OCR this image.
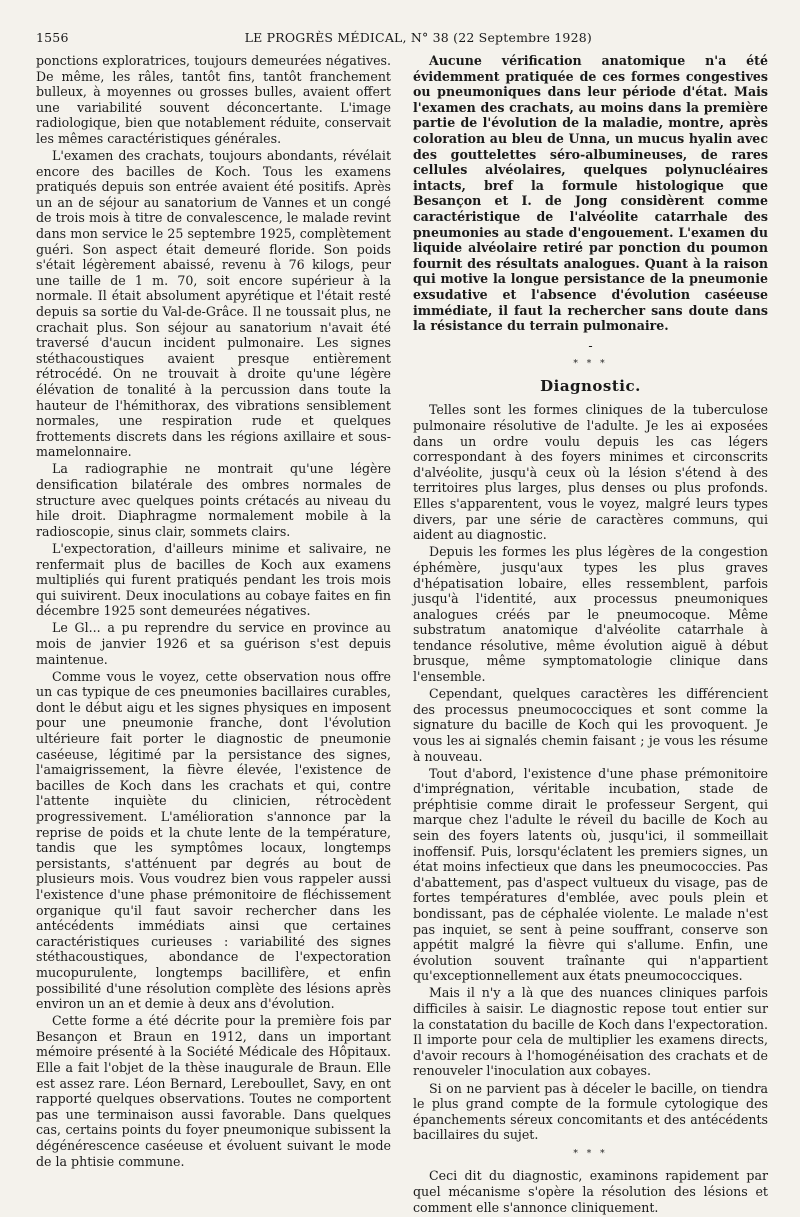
1556	LE PROGRÈS MÉDICAL, N° 38 (22 Septembre 1928)

ponctions exploratrices, toujours demeurées négatives. De même, les râles, tantôt fins, tantôt franchement bulleux, à moyennes ou grosses bulles, avaient offert une variabilité souvent déconcertante. L'image radiologique, bien que notablement réduite, conservait les mêmes caractéristiques générales.

L'examen des crachats, toujours abondants, révélait encore des bacilles de Koch. Tous les examens pratiqués depuis son entrée avaient été positifs. Après un an de séjour au sanatorium de Vannes et un congé de trois mois à titre de convalescence, le malade revint dans mon service le 25 septembre 1925, complètement guéri. Son aspect était demeuré floride. Son poids s'était légèrement abaissé, revenu à 76 kilogs, peur une taille de 1 m. 70, soit encore supérieur à la normale. Il était absolument apyrétique et l'était resté depuis sa sortie du Val-de-Grâce. Il ne toussait plus, ne crachait plus. Son séjour au sanatorium n'avait été traversé d'aucun incident pulmonaire. Les signes stéthacoustiques avaient presque entièrement rétrocédé. On ne trouvait à droite qu'une légère élévation de tonalité à la percussion dans toute la hauteur de l'hémithorax, des vibrations sensiblement normales, une respiration rude et quelques frottements discrets dans les régions axillaire et sous-mamelonnaire.

La radiographie ne montrait qu'une légère densification bilatérale des ombres normales de structure avec quelques points crétacés au niveau du hile droit. Diaphragme normalement mobile à la radioscopie, sinus clair, sommets clairs.

L'expectoration, d'ailleurs minime et salivaire, ne renfermait plus de bacilles de Koch aux examens multipliés qui furent pratiqués pendant les trois mois qui suivirent. Deux inoculations au cobaye faites en fin décembre 1925 sont demeurées négatives.

Le Gl... a pu reprendre du service en province au mois de janvier 1926 et sa guérison s'est depuis maintenue.

Comme vous le voyez, cette observation nous offre un cas typique de ces pneumonies bacillaires curables, dont le début aigu et les signes physiques en imposent pour une pneumonie franche, dont l'évolution ultérieure fait porter le diagnostic de pneumonie caséeuse, légitimé par la persistance des signes, l'amaigrissement, la fièvre élevée, l'existence de bacilles de Koch dans les crachats et qui, contre l'attente inquiète du clinicien, rétrocèdent progressivement. L'amélioration s'annonce par la reprise de poids et la chute lente de la température, tandis que les symptômes locaux, longtemps persistants, s'atténuent par degrés au bout de plusieurs mois. Vous voudrez bien vous rappeler aussi l'existence d'une phase prémonitoire de fléchissement organique qu'il faut savoir rechercher dans les antécédents immédiats ainsi que certaines caractéristiques curieuses : variabilité des signes stéthacoustiques, abondance de l'expectoration mucopurulente, longtemps bacillifère, et enfin possibilité d'une résolution complète des lésions après environ un an et demie à deux ans d'évolution.

Cette forme a été décrite pour la première fois par Besançon et Braun en 1912, dans un important mémoire présenté à la Société Médicale des Hôpitaux. Elle a fait l'objet de la thèse inaugurale de Braun. Elle est assez rare. Léon Bernard, Lereboullet, Savy, en ont rapporté quelques observations. Toutes ne comportent pas une terminaison aussi favorable. Dans quelques cas, certains points du foyer pneumonique subissent la dégénérescence caséeuse et évoluent suivant le mode de la phtisie commune.

Aucune vérification anatomique n'a été évidemment pratiquée de ces formes congestives ou pneumoniques dans leur période d'état. Mais l'examen des crachats, au moins dans la première partie de l'évolution de la maladie, montre, après coloration au bleu de Unna, un mucus hyalin avec des gouttelettes séro-albumineuses, de rares cellules alvéolaires, quelques polynucléaires intacts, bref la formule histologique que Besançon et I. de Jong considèrent comme caractéristique de l'alvéolite catarrhale des pneumonies au stade d'engouement. L'examen du liquide alvéolaire retiré par ponction du poumon fournit des résultats analogues. Quant à la raison qui motive la longue persistance de la pneumonie exsudative et l'absence d'évolution caséeuse immédiate, il faut la rechercher sans doute dans la résistance du terrain pulmonaire.

-
* * *
Diagnostic.

Telles sont les formes cliniques de la tuberculose pulmonaire résolutive de l'adulte. Je les ai exposées dans un ordre voulu depuis les cas légers correspondant à des foyers minimes et circonscrits d'alvéolite, jusqu'à ceux où la lésion s'étend à des territoires plus larges, plus denses ou plus profonds. Elles s'apparentent, vous le voyez, malgré leurs types divers, par une série de caractères communs, qui aident au diagnostic.

Depuis les formes les plus légères de la congestion éphémère, jusqu'aux types les plus graves d'hépatisation lobaire, elles ressemblent, parfois jusqu'à l'identité, aux processus pneumoniques analogues créés par le pneumocoque. Même substratum anatomique d'alvéolite catarrhale à tendance résolutive, même évolution aiguë à début brusque, même symptomatologie clinique dans l'ensemble.

Cependant, quelques caractères les différencient des processus pneumococciques et sont comme la signature du bacille de Koch qui les provoquent. Je vous les ai signalés chemin faisant ; je vous les résume à nouveau.

Tout d'abord, l'existence d'une phase prémonitoire d'imprégnation, véritable incubation, stade de préphtisie comme dirait le professeur Sergent, qui marque chez l'adulte le réveil du bacille de Koch au sein des foyers latents où, jusqu'ici, il sommeillait inoffensif. Puis, lorsqu'éclatent les premiers signes, un état moins infectieux que dans les pneumococcies. Pas d'abattement, pas d'aspect vultueux du visage, pas de fortes températures d'emblée, avec pouls plein et bondissant, pas de céphalée violente. Le malade n'est pas inquiet, se sent à peine souffrant, conserve son appétit malgré la fièvre qui s'allume. Enfin, une évolution souvent traînante qui n'appartient qu'exceptionnellement aux états pneumococciques.

Mais il n'y a là que des nuances cliniques parfois difficiles à saisir. Le diagnostic repose tout entier sur la constatation du bacille de Koch dans l'expectoration. Il importe pour cela de multiplier les examens directs, d'avoir recours à l'homogénéisation des crachats et de renouveler l'inoculation aux cobayes.

Si on ne parvient pas à déceler le bacille, on tiendra le plus grand compte de la formule cytologique des épanchements séreux concomitants et des antécédents bacillaires du sujet.

* * *

Ceci dit du diagnostic, examinons rapidement par quel mécanisme s'opère la résolution des lésions et comment elle s'annonce cliniquement.
